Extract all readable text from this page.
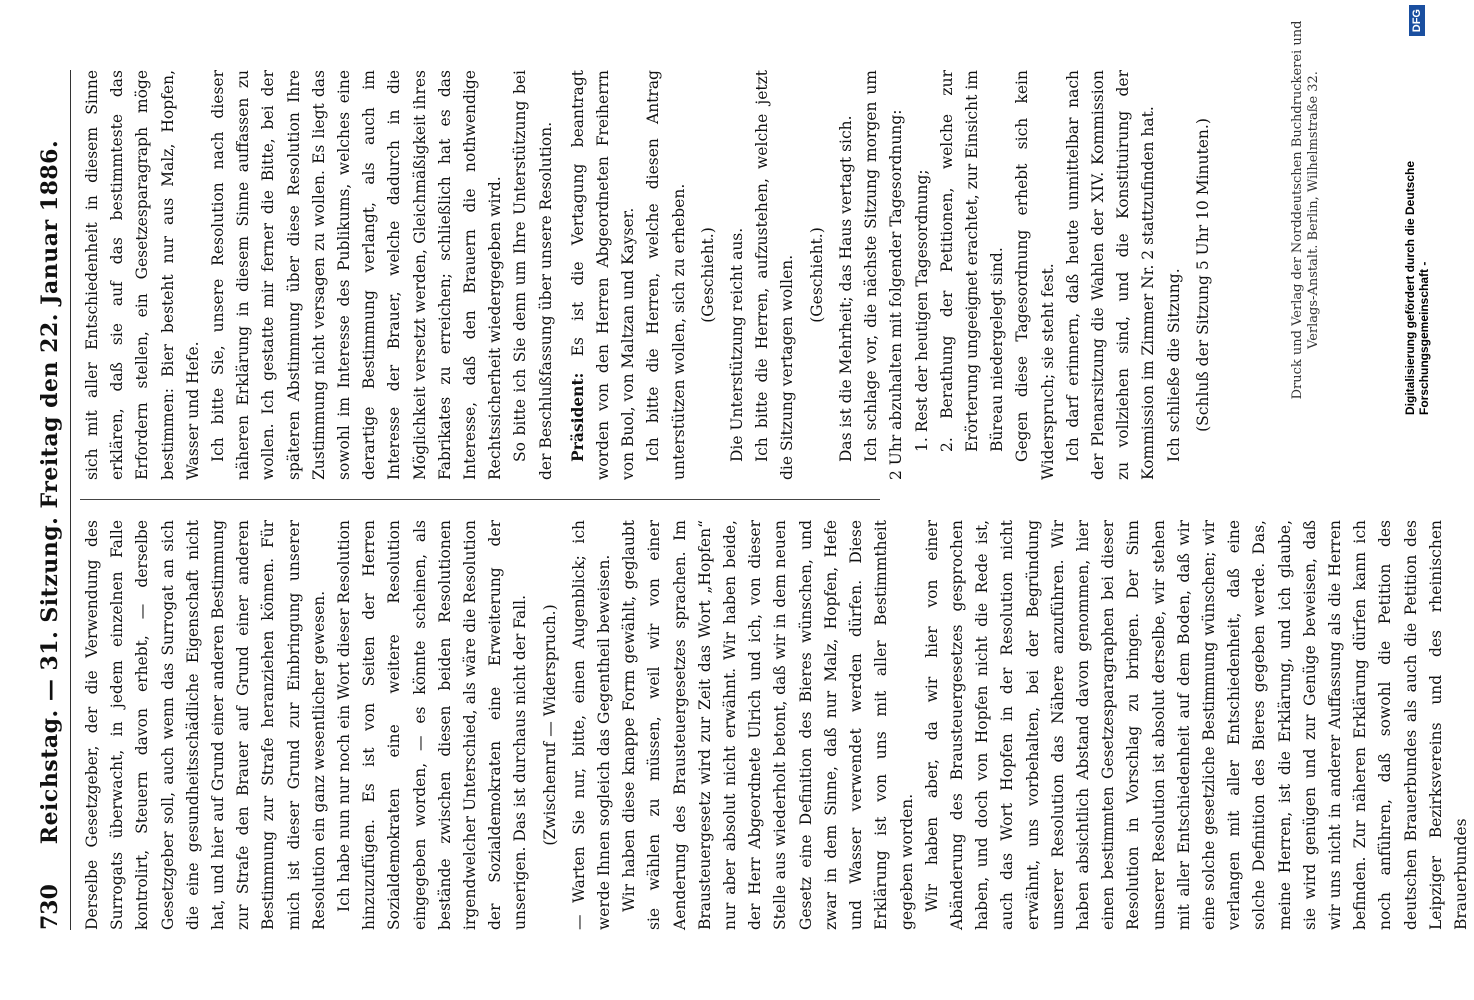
730
Reichstag. — 31. Sitzung. Freitag den 22. Januar 1886. Derselbe Gesetzgeber, der die Verwendung des Surrogats überwacht, in jedem einzelnen Falle kontrolirt, Steuern davon erhebt, — derselbe Gesetzgeber soll, auch wenn das Surrogat an sich die eine gesundheitsschädliche Eigenschaft nicht hat, und hier auf Grund einer anderen Bestimmung zur Strafe den Brauer auf Grund einer anderen Bestimmung zur Strafe heranziehen können. Für mich ist dieser Grund zur Einbringung unserer Resolution ein ganz wesentlicher gewesen. Ich habe nun nur noch ein Wort dieser Resolution hinzuzufügen. Es ist von Seiten der Herren Sozialdemokraten eine weitere Resolution eingegeben worden, — es könnte scheinen, als bestände zwischen diesen beiden Resolutionen irgendwelcher Unterschied, als wäre die Resolution der Sozialdemokraten eine Erweiterung der unserigen. Das ist durchaus nicht der Fall. (Zwischenruf — Widerspruch.) — Warten Sie nur, bitte, einen Augenblick; ich werde Ihnen sogleich das Gegentheil beweisen. Wir haben diese knappe Form gewählt, geglaubt sie wählen zu müssen, weil wir von einer Aenderung des Brausteuergesetzes sprachen. Im Brausteuergesetz wird zur Zeit das Wort „Hopfen“ nur aber absolut nicht erwähnt. Wir haben beide, der Herr Abgeordnete Ulrich und ich, von dieser Stelle aus wiederholt betont, daß wir in dem neuen Gesetz eine Definition des Bieres wünschen, und zwar in dem Sinne, daß nur Malz, Hopfen, Hefe und Wasser verwendet werden dürfen. Diese Erklärung ist von uns mit aller Bestimmtheit gegeben worden. Wir haben aber, da wir hier von einer Abänderung des Brausteuergesetzes gesprochen haben, und doch von Hopfen nicht die Rede ist, auch das Wort Hopfen in der Resolution nicht erwähnt, uns vorbehalten, bei der Begründung unserer Resolution das Nähere anzuführen. Wir haben absichtlich Abstand davon genommen, hier einen bestimmten Gesetzesparagraphen bei dieser Resolution in Vorschlag zu bringen. Der Sinn unserer Resolution ist absolut derselbe, wir stehen mit aller Entschiedenheit auf dem Boden, daß wir eine solche gesetzliche Bestimmung wünschen; wir verlangen mit aller Entschiedenheit, daß eine solche Definition des Bieres gegeben werde. Das, meine Herren, ist die Erklärung, und ich glaube, sie wird genügen und zur Genüge beweisen, daß wir uns nicht in anderer Auffassung als die Herren befinden. Zur näheren Erklärung dürfen kann ich noch anführen, daß sowohl die Petition des deutschen Brauerbundes als auch die Petition des Leipziger Bezirksvereins und des rheinischen Brauerbundes

sich mit aller Entschiedenheit in diesem Sinne erklären, daß sie auf das bestimmteste das Erfordern stellen, ein Gesetzesparagraph möge bestimmen: Bier besteht nur aus Malz, Hopfen, Wasser und Hefe. Ich bitte Sie, unsere Resolution nach dieser näheren Erklärung in diesem Sinne auffassen zu wollen. Ich gestatte mir ferner die Bitte, bei der späteren Abstimmung über diese Resolution Ihre Zustimmung nicht versagen zu wollen. Es liegt das sowohl im Interesse des Publikums, welches eine derartige Bestimmung verlangt, als auch im Interesse der Brauer, welche dadurch in die Möglichkeit versetzt werden, Gleichmäßigkeit ihres Fabrikates zu erreichen; schließlich hat es das Interesse, daß den Brauern die nothwendige Rechtssicherheit wiedergegeben wird. So bitte ich Sie denn um Ihre Unterstützung bei der Beschlußfassung über unsere Resolution. Präsident: Es ist die Vertagung beantragt worden von den Herren Abgeordneten Freiherrn von Buol, von Maltzan und Kayser. Ich bitte die Herren, welche diesen Antrag unterstützen wollen, sich zu erheben. (Geschieht.) Die Unterstützung reicht aus. Ich bitte die Herren, aufzustehen, welche jetzt die Sitzung vertagen wollen. (Geschieht.) Das ist die Mehrheit; das Haus vertagt sich. Ich schlage vor, die nächste Sitzung morgen um 2 Uhr abzuhalten mit folgender Tagesordnung: 1. Rest der heutigen Tagesordnung; 2. Berathung der Petitionen, welche zur Erörterung ungeeignet erachtet, zur Einsicht im Büreau niedergelegt sind. Gegen diese Tagesordnung erhebt sich kein Widerspruch; sie steht fest. Ich darf erinnern, daß heute unmittelbar nach der Plenarsitzung die Wahlen der XIV. Kommission zu vollziehen sind, und die Konstituirung der Kommission im Zimmer Nr. 2 stattzufinden hat. Ich schließe die Sitzung. (Schluß der Sitzung 5 Uhr 10 Minuten.)	Druck und Verlag der Norddeutschen Buchdruckerei und Verlags-Anstalt. Berlin, Wilhelmstraße 32.	Digitalisierung gefördert durch die Deutsche Forschungsgemeinschaft -
DFG
